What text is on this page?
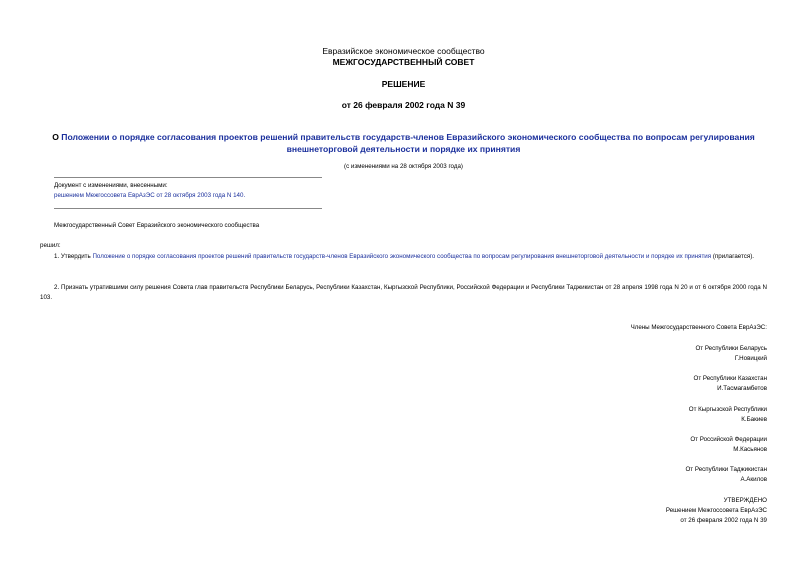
Евразийское экономическое сообщество
МЕЖГОСУДАРСТВЕННЫЙ СОВЕТ
РЕШЕНИЕ
от 26 февраля 2002 года N 39
О Положении о порядке согласования проектов решений правительств государств-членов Евразийского экономического сообщества по вопросам регулирования
внешнеторговой деятельности и порядке их принятия
(с изменениями на 28 октября 2003 года)
Документ с изменениями, внесенными:
решением Межгоссовета ЕврАзЭС от 28 октября 2003 года N 140.
Межгосударственный Совет Евразийского экономического сообщества
решил:
1. Утвердить Положение о порядке согласования проектов решений правительств государств-членов Евразийского экономического сообщества по вопросам регулирования внешнеторговой деятельности и порядке их принятия (прилагается).
2. Признать утратившими силу решения Совета глав правительств Республики Беларусь, Республики Казахстан, Кыргызской Республики, Российской Федерации и Республики Таджикистан от 28 апреля 1998 года N 20 и от 6 октября 2000 года N 103.
Члены Межгосударственного Совета ЕврАзЭС:
От Республики Беларусь
Г.Новицкий
От Республики Казахстан
И.Тасмагамбетов
От Кыргызской Республики
К.Бакиев
От Российской Федерации
М.Касьянов
От Республики Таджикистан
А.Акилов
УТВЕРЖДЕНО
Решением Межгоссовета ЕврАзЭС
от 26 февраля 2002 года N 39
